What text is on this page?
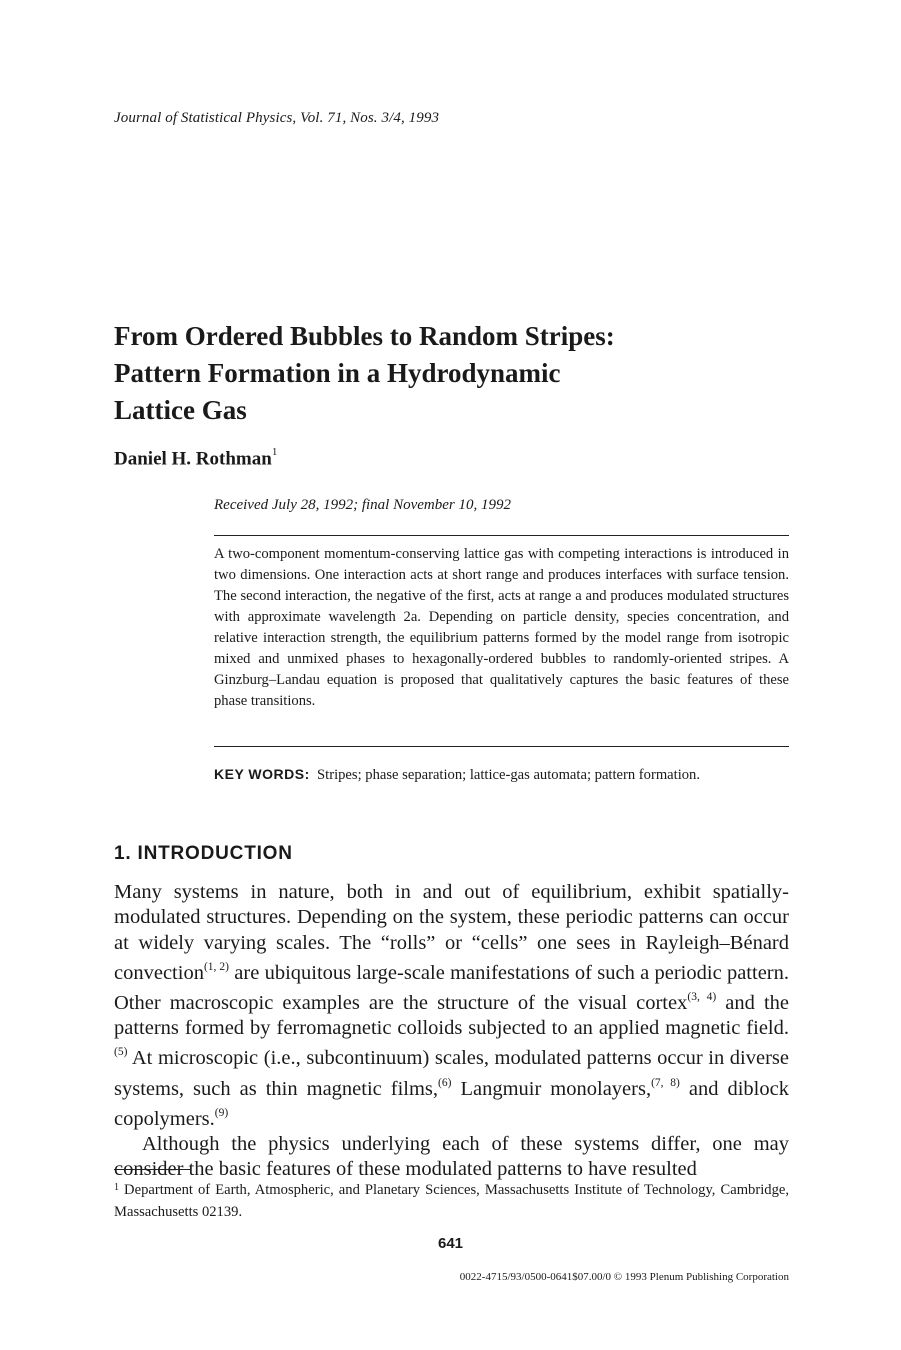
Journal of Statistical Physics, Vol. 71, Nos. 3/4, 1993
From Ordered Bubbles to Random Stripes:
Pattern Formation in a Hydrodynamic
Lattice Gas
Daniel H. Rothman$^1$
Received July 28, 1992; final November 10, 1992

A two-component momentum-conserving lattice gas with competing interactions is introduced in two dimensions. One interaction acts at short range and produces interfaces with surface tension. The second interaction, the negative of the first, acts at range a and produces modulated structures with approximate wavelength 2a. Depending on particle density, species concentration, and relative interaction strength, the equilibrium patterns formed by the model range from isotropic mixed and unmixed phases to hexagonally-ordered bubbles to randomly-oriented stripes. A Ginzburg–Landau equation is proposed that qualitatively captures the basic features of these phase transitions.

KEY WORDS: Stripes; phase separation; lattice-gas automata; pattern formation.

1. INTRODUCTION

Many systems in nature, both in and out of equilibrium, exhibit spatially-modulated structures. Depending on the system, these periodic patterns can occur at widely varying scales. The “rolls” or “cells” one sees in Rayleigh–Bénard convection$^{(1, 2)}$ are ubiquitous large-scale manifestations of such a periodic pattern. Other macroscopic examples are the structure of the visual cortex$^{(3, 4)}$ and the patterns formed by ferromagnetic colloids subjected to an applied magnetic field.$^{(5)}$ At microscopic (i.e., subcontinuum) scales, modulated patterns occur in diverse systems, such as thin magnetic films,$^{(6)}$ Langmuir monolayers,$^{(7, 8)}$ and diblock copolymers.$^{(9)}$

Although the physics underlying each of these systems differ, one may consider the basic features of these modulated patterns to have resulted

$^1$ Department of Earth, Atmospheric, and Planetary Sciences, Massachusetts Institute of Technology, Cambridge, Massachusetts 02139.

641
0022-4715/93/0500-0641$07.00/0 © 1993 Plenum Publishing Corporation
